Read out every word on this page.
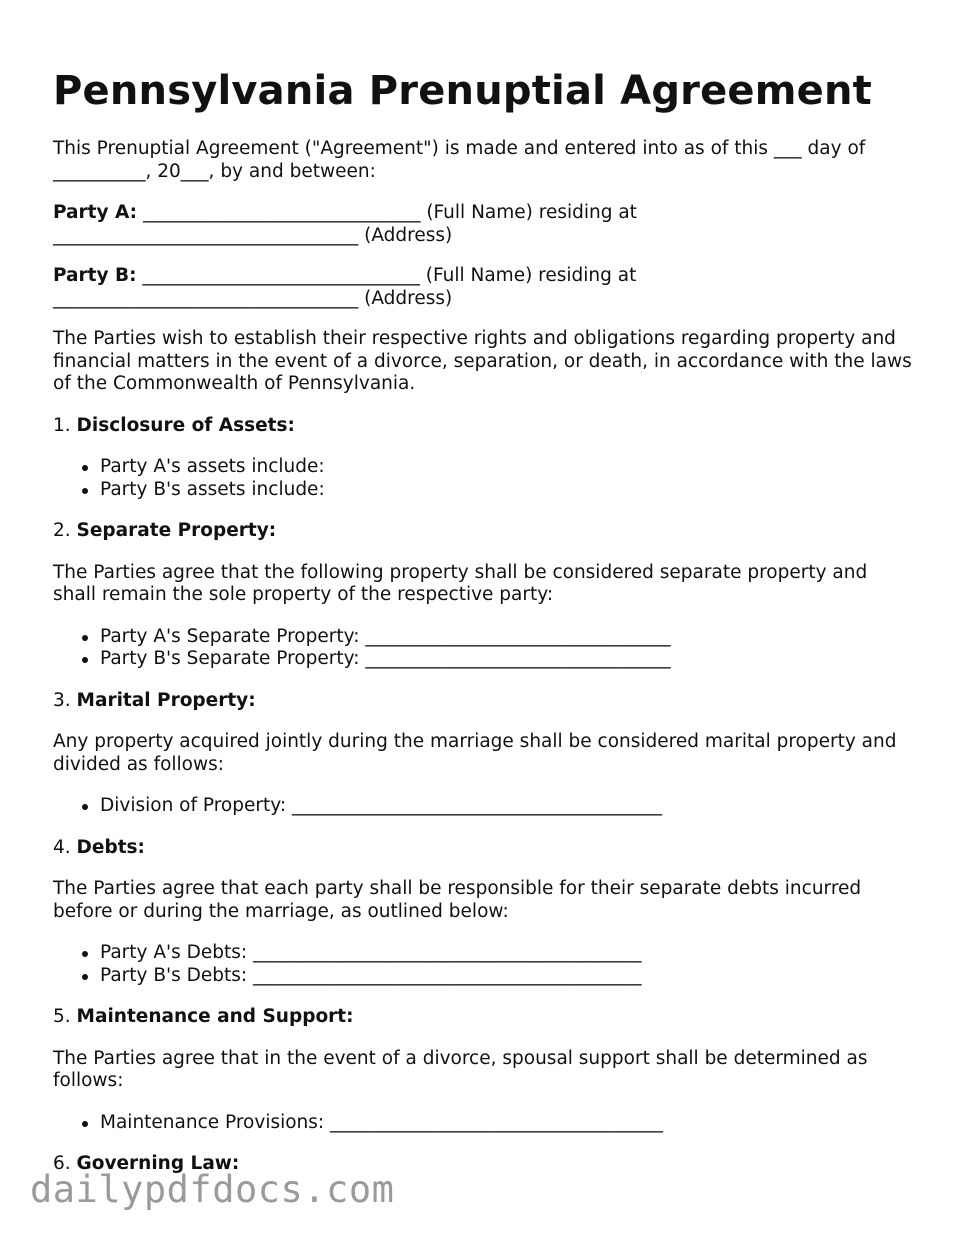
Pennsylvania Prenuptial Agreement

This Prenuptial Agreement ("Agreement") is made and entered into as of this ___ day of __________, 20___, by and between:

Party A: ______________________________ (Full Name) residing at
_________________________________ (Address)
Party B: ______________________________ (Full Name) residing at
_________________________________ (Address)

The Parties wish to establish their respective rights and obligations regarding property and financial matters in the event of a divorce, separation, or death, in accordance with the laws of the Commonwealth of Pennsylvania.

1. Disclosure of Assets:
Party A's assets include:
Party B's assets include:
2. Separate Property:

The Parties agree that the following property shall be considered separate property and shall remain the sole property of the respective party:

Party A's Separate Property: _________________________________
Party B's Separate Property: _________________________________
3. Marital Property:

Any property acquired jointly during the marriage shall be considered marital property and divided as follows:

Division of Property: ________________________________________
4. Debts:

The Parties agree that each party shall be responsible for their separate debts incurred before or during the marriage, as outlined below:

Party A's Debts: __________________________________________
Party B's Debts: __________________________________________
5. Maintenance and Support:

The Parties agree that in the event of a divorce, spousal support shall be determined as follows:

Maintenance Provisions: ____________________________________
6. Governing Law:
dailypdfdocs.com
